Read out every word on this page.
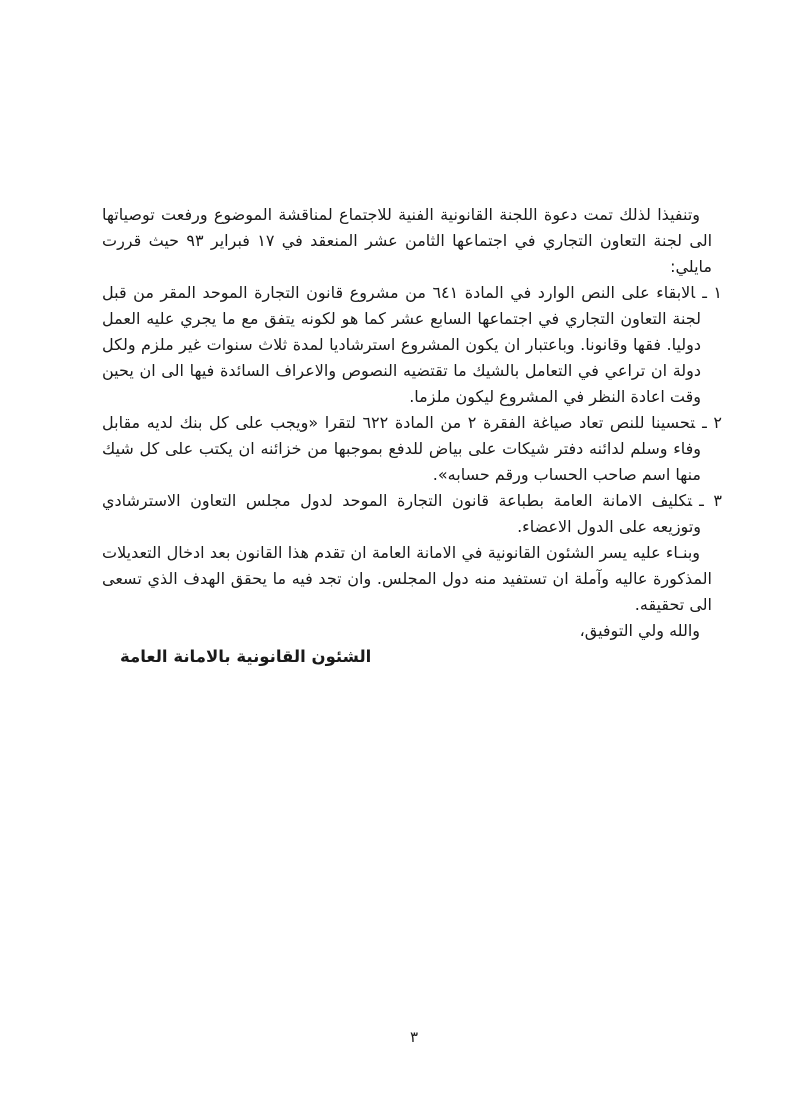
وتنفيذا لذلك تمت دعوة اللجنة القانونية الفنية للاجتماع لمناقشة الموضوع ورفعت توصياتها الى لجنة التعاون التجاري في اجتماعها الثامن عشر المنعقد في ١٧ فبراير ٩٣ حيث قررت مايلي:

١ ـالابقاء على النص الوارد في المادة ٦٤١ من مشروع قانون التجارة الموحد المقر من قبل لجنة التعاون التجاري في اجتماعها السابع عشر كما هو لكونه يتفق مع ما يجري عليه العمل دوليا. فقها وقانونا. وباعتبار ان يكون المشروع استرشاديا لمدة ثلاث سنوات غير ملزم ولكل دولة ان تراعي في التعامل بالشيك ما تقتضيه النصوص والاعراف السائدة فيها الى ان يحين وقت اعادة النظر في المشروع ليكون ملزما.

٢ ـتحسينا للنص تعاد صياغة الفقرة ٢ من المادة ٦٢٢ لتقرا «ويجب على كل بنك لديه مقابل وفاء وسلم لدائنه دفتر شيكات على بياض للدفع بموجبها من خزائنه ان يكتب على كل شيك منها اسم صاحب الحساب ورقم حسابه».

٣ ـتكليف الامانة العامة بطباعة قانون التجارة الموحد لدول مجلس التعاون الاسترشادي وتوزيعه على الدول الاعضاء.

وبنـاء عليه يسر الشئون القانونية في الامانة العامة ان تقدم هذا القانون بعد ادخال التعديلات المذكورة عاليه وآملة ان تستفيد منه دول المجلس. وان تجد فيه ما يحقق الهدف الذي تسعى الى تحقيقه.

والله ولي التوفيق،

الشئون القانونية بالامانة العامة

٣
